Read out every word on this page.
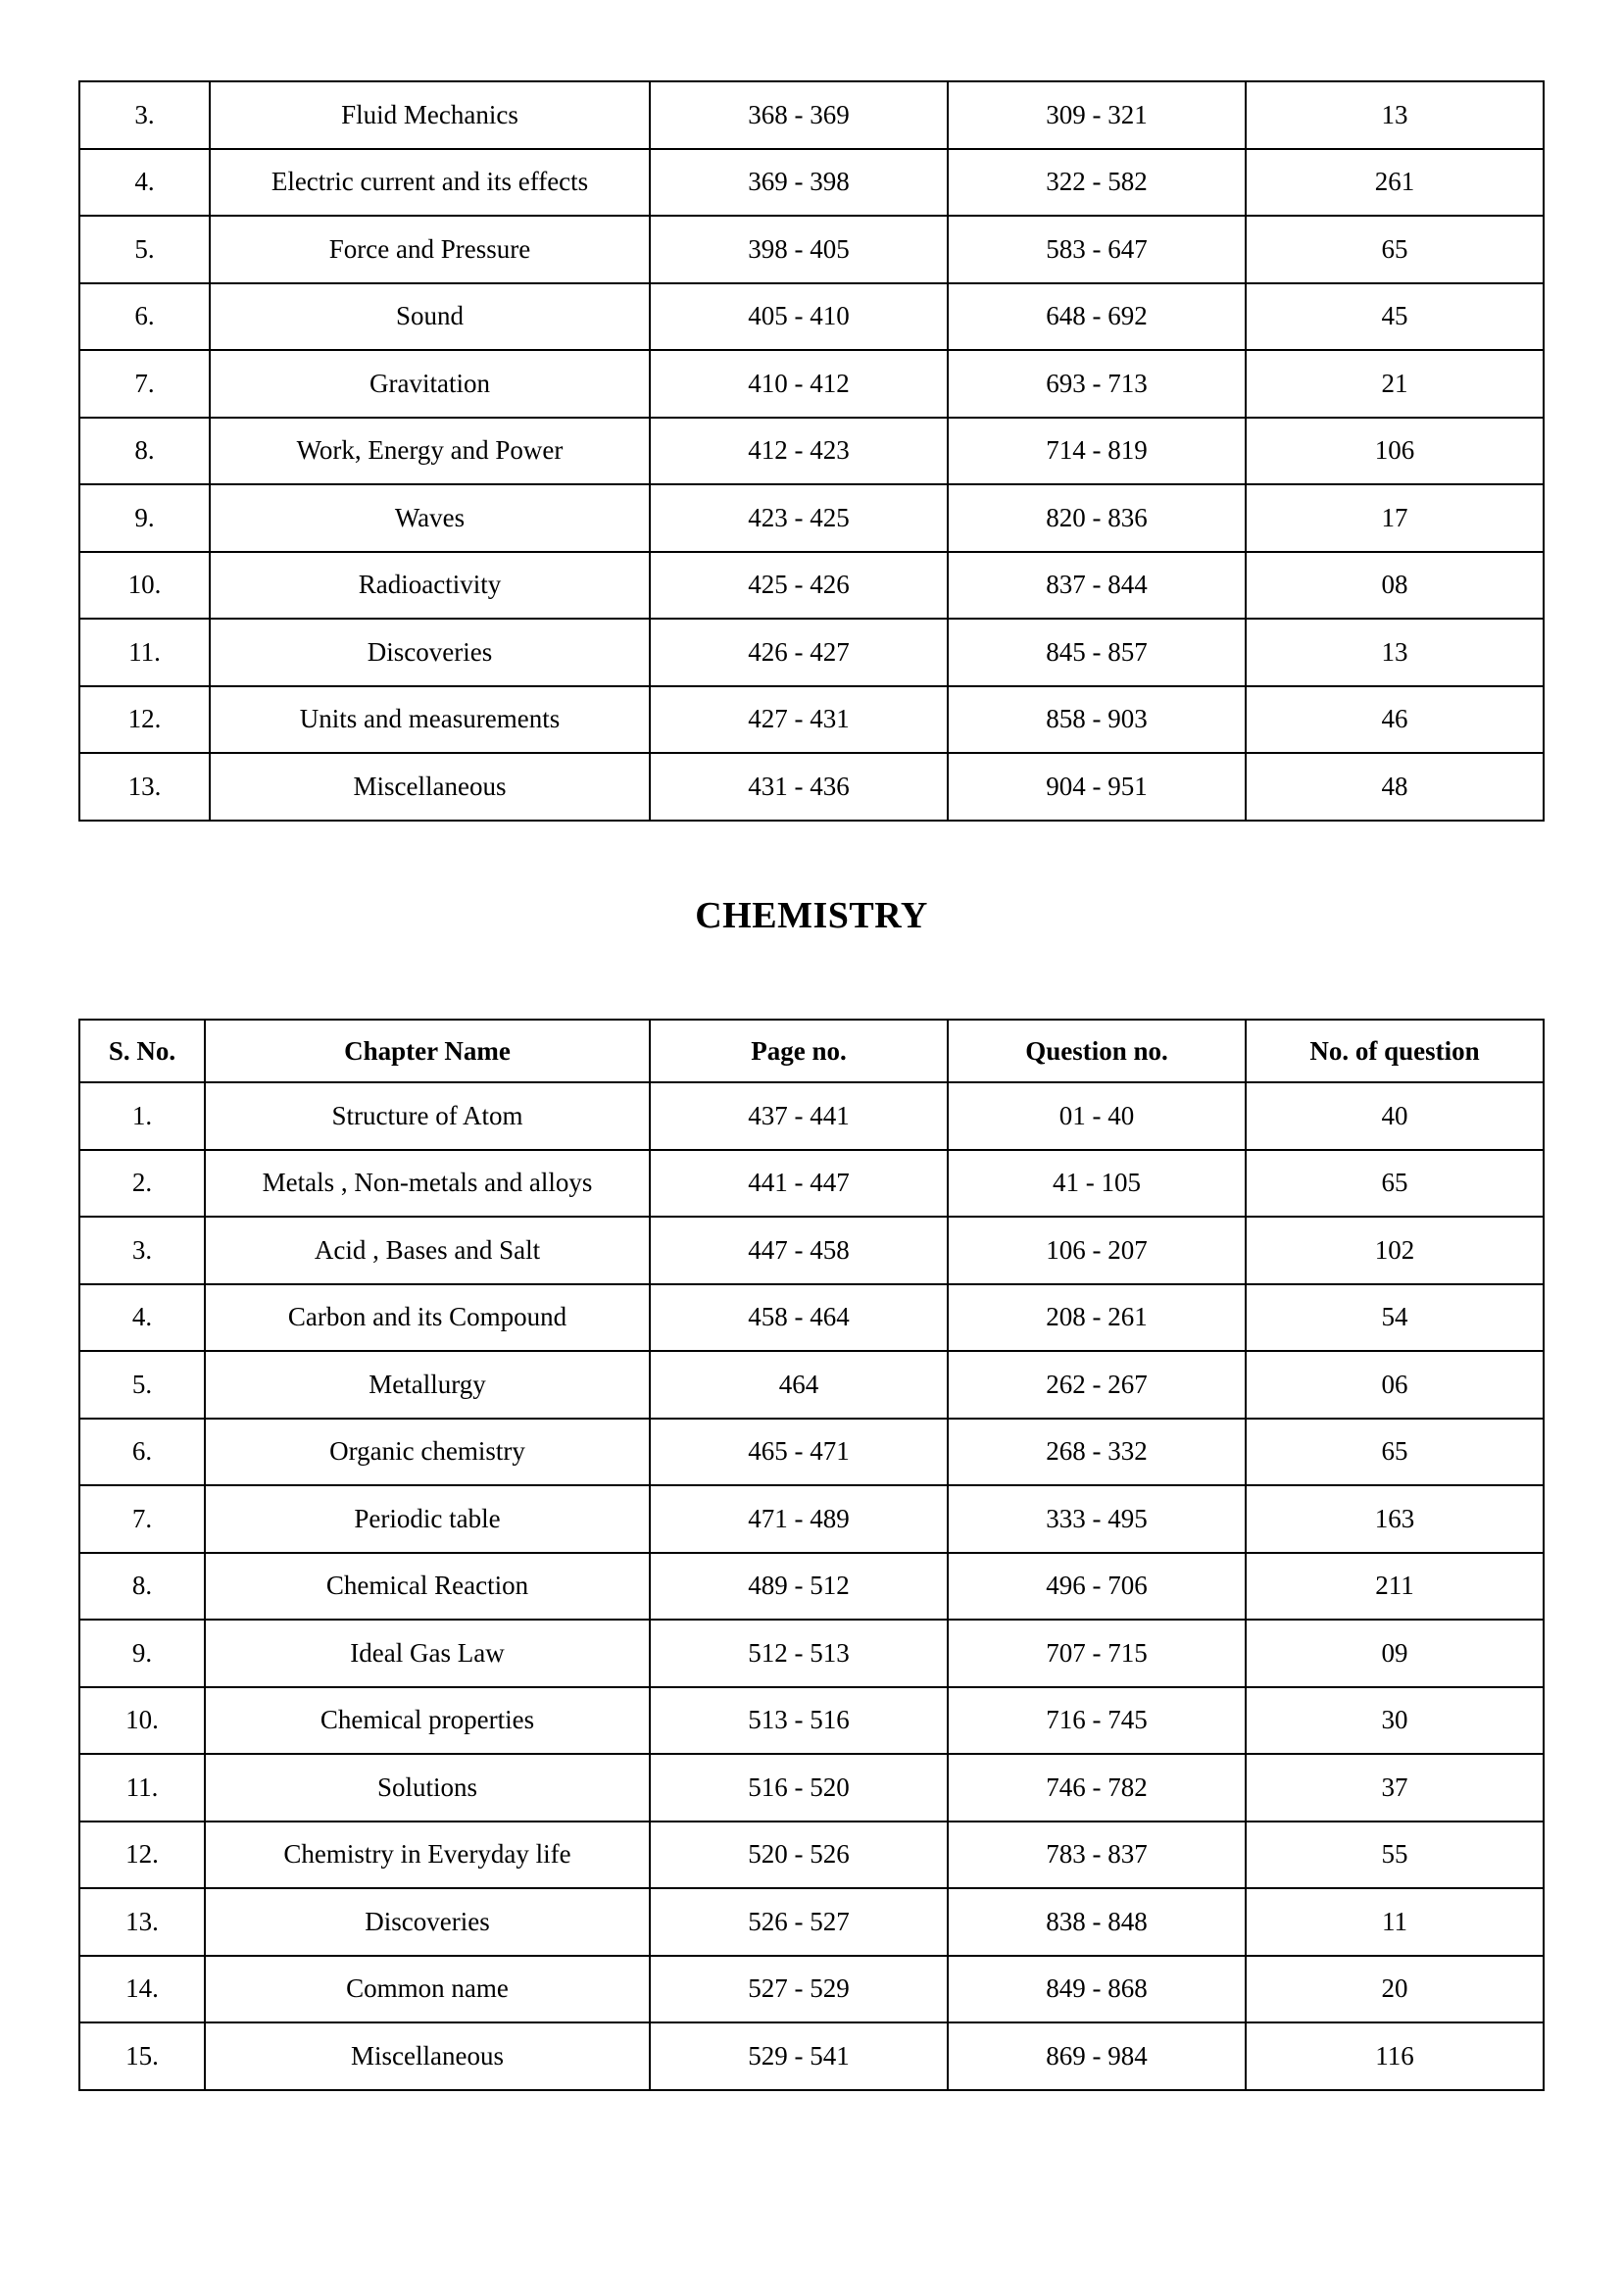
3.	Fluid Mechanics	368 - 369	309 - 321	13
4.	Electric current and its effects	369 - 398	322 - 582	261
5.	Force and Pressure	398 - 405	583 - 647	65
6.	Sound	405 - 410	648 - 692	45
7.	Gravitation	410 - 412	693 - 713	21
8.	Work, Energy and Power	412 - 423	714 - 819	106
9.	Waves	423 - 425	820 - 836	17
10.	Radioactivity	425 - 426	837 - 844	08
11.	Discoveries	426 - 427	845 - 857	13
12.	Units and measurements	427 - 431	858 - 903	46
13.	Miscellaneous	431 - 436	904 - 951	48
CHEMISTRY
S. No.	Chapter Name	Page no.	Question no.	No. of question
1.	Structure of Atom	437 - 441	01 - 40	40
2.	Metals , Non-metals and alloys	441 - 447	41 - 105	65
3.	Acid , Bases and Salt	447 - 458	106 - 207	102
4.	Carbon and its Compound	458 - 464	208 - 261	54
5.	Metallurgy	464	262 - 267	06
6.	Organic chemistry	465 - 471	268 - 332	65
7.	Periodic table	471 - 489	333 - 495	163
8.	Chemical Reaction	489 - 512	496 - 706	211
9.	Ideal Gas Law	512 - 513	707 - 715	09
10.	Chemical properties	513 - 516	716 - 745	30
11.	Solutions	516 - 520	746 - 782	37
12.	Chemistry in Everyday life	520 - 526	783 - 837	55
13.	Discoveries	526 - 527	838 - 848	11
14.	Common name	527 - 529	849 - 868	20
15.	Miscellaneous	529 - 541	869 - 984	116
